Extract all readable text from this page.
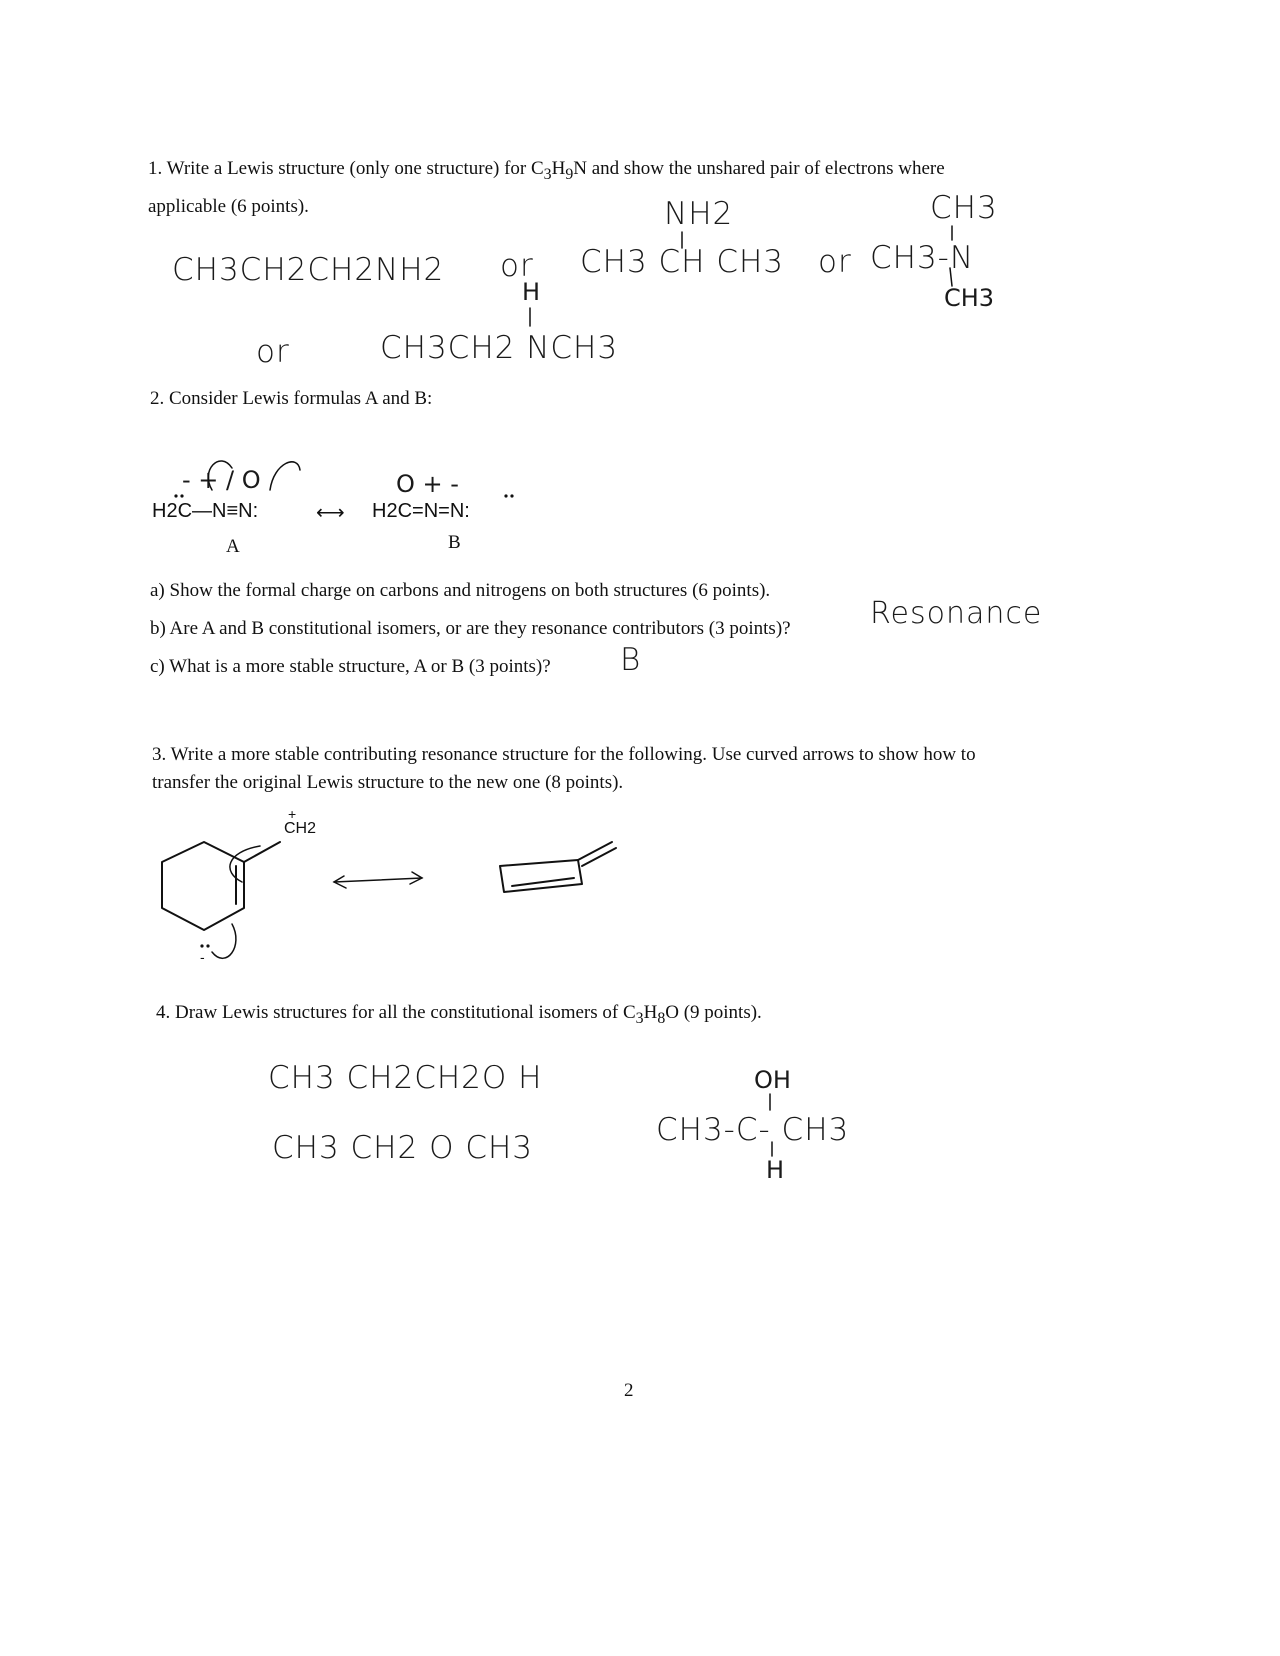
1. Write a Lewis structure (only one structure) for $C_3H_9N$ and show the unshared pair of electrons where
applicable (6 points).
CH3CH2CH2NH2 or
NH2
CH3 CH CH3 or
CH3
CH3-N
CH3
or
H
CH3CH2 NCH3
2. Consider Lewis formulas A and B:
- + / O	O + -
H2C—N≡N:	⟷ H2C=N=N:
A	B
a) Show the formal charge on carbons and nitrogens on both structures (6 points).
b) Are A and B constitutional isomers, or are they resonance contributors (3 points)?	Resonance
c) What is a more stable structure, A or B (3 points)? B
3. Write a more stable contributing resonance structure for the following. Use curved arrows to show how to
transfer the original Lewis structure to the new one (8 points).
+
CH2
-
4. Draw Lewis structures for all the constitutional isomers of $C_3H_8O$ (9 points).
CH3 CH2CH2O H
CH3 CH2 O CH3
OH
CH3-C- CH3
H
2
